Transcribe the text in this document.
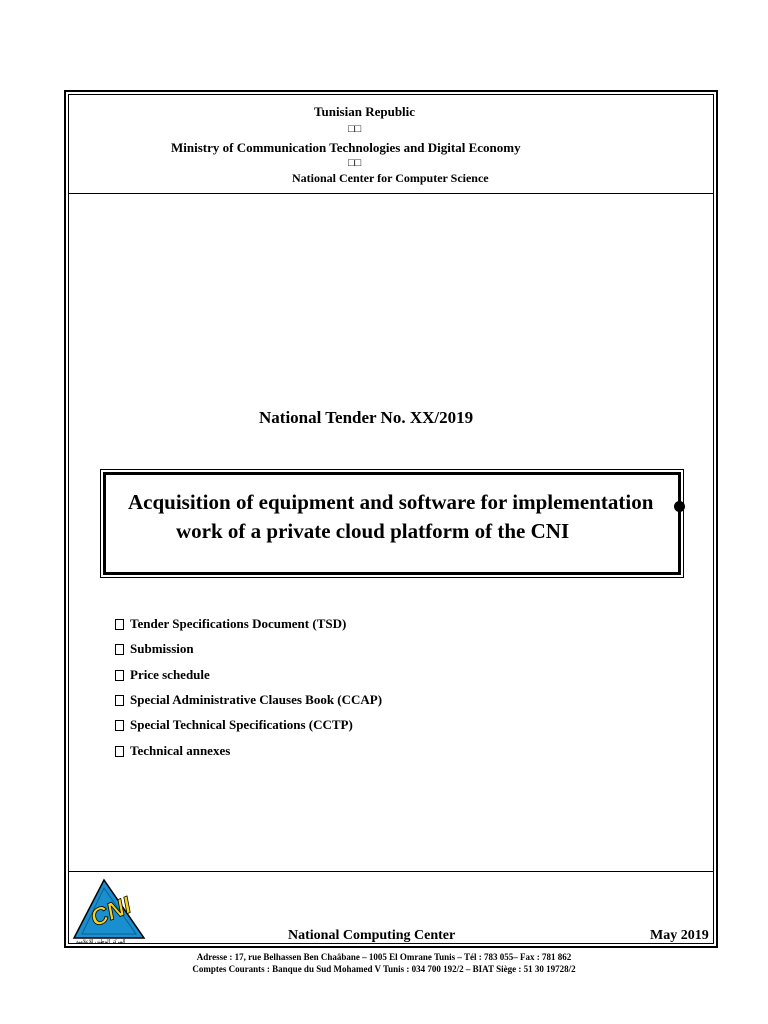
Tunisian Republic
□□
Ministry of Communication Technologies and Digital Economy
□□
National Center for Computer Science
National Tender No. XX/2019
Acquisition of equipment and software for implementation
work of a private cloud platform of the CNI
Tender Specifications Document (TSD)
Submission
Price schedule
Special Administrative Clauses Book (CCAP)
Special Technical Specifications (CCTP)
Technical annexes
CNI
المركز الوطني للإعلامية	National Computing Center	May 2019
Adresse : 17, rue Belhassen Ben Chaâbane – 1005 El Omrane Tunis – Tél : 783 055– Fax : 781 862
Comptes Courants : Banque du Sud Mohamed V Tunis : 034 700 192/2 – BIAT Siège : 51 30 19728/2
